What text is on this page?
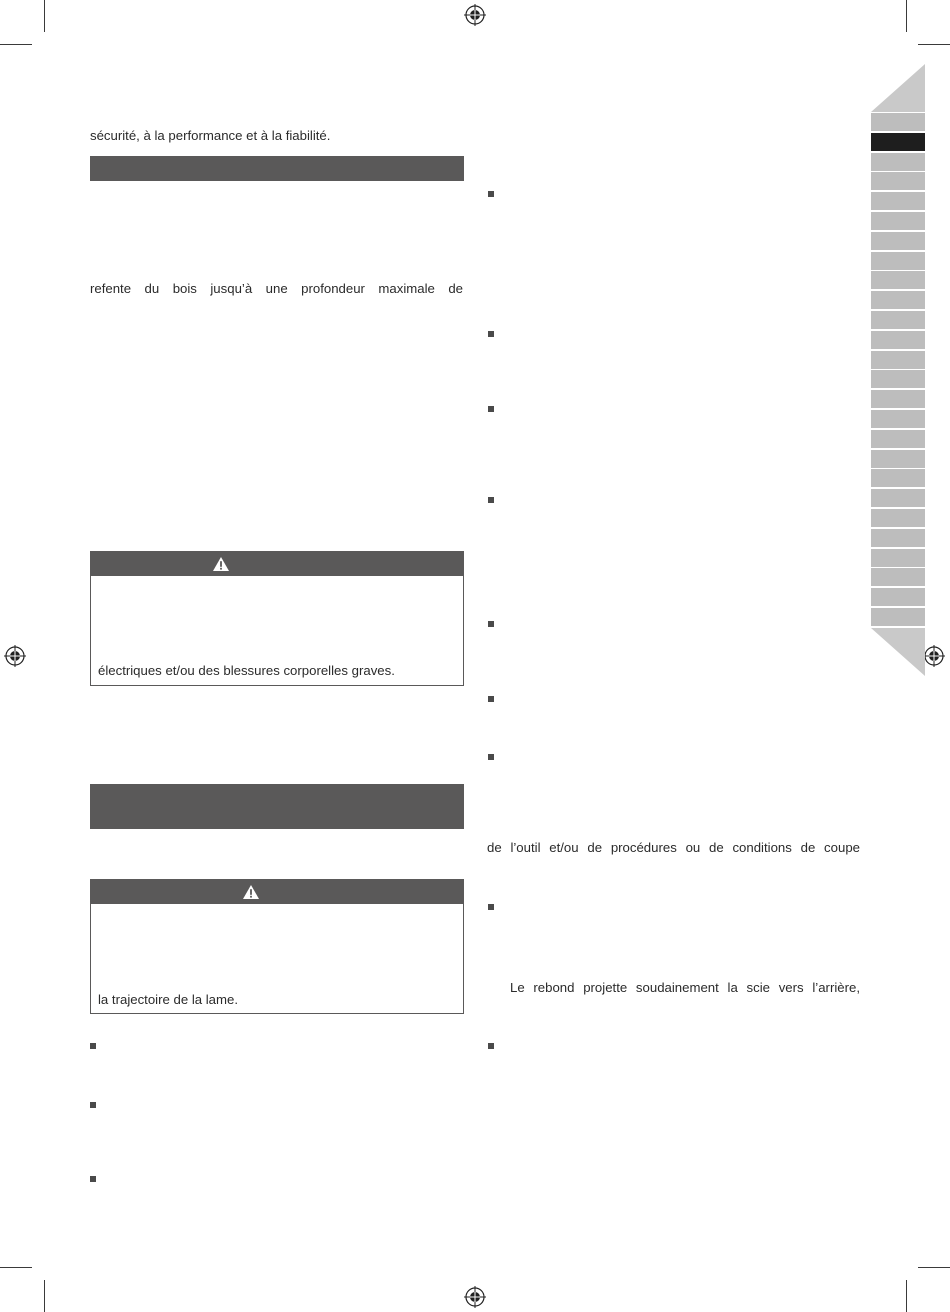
sécurité, à la performance et à la fiabilité.
refente du bois jusqu’à une profondeur maximale de
électriques et/ou des blessures corporelles graves.
la trajectoire de la lame.
de l’outil et/ou de procédures ou de conditions de coupe
Le rebond projette soudainement la scie vers l’arrière,
